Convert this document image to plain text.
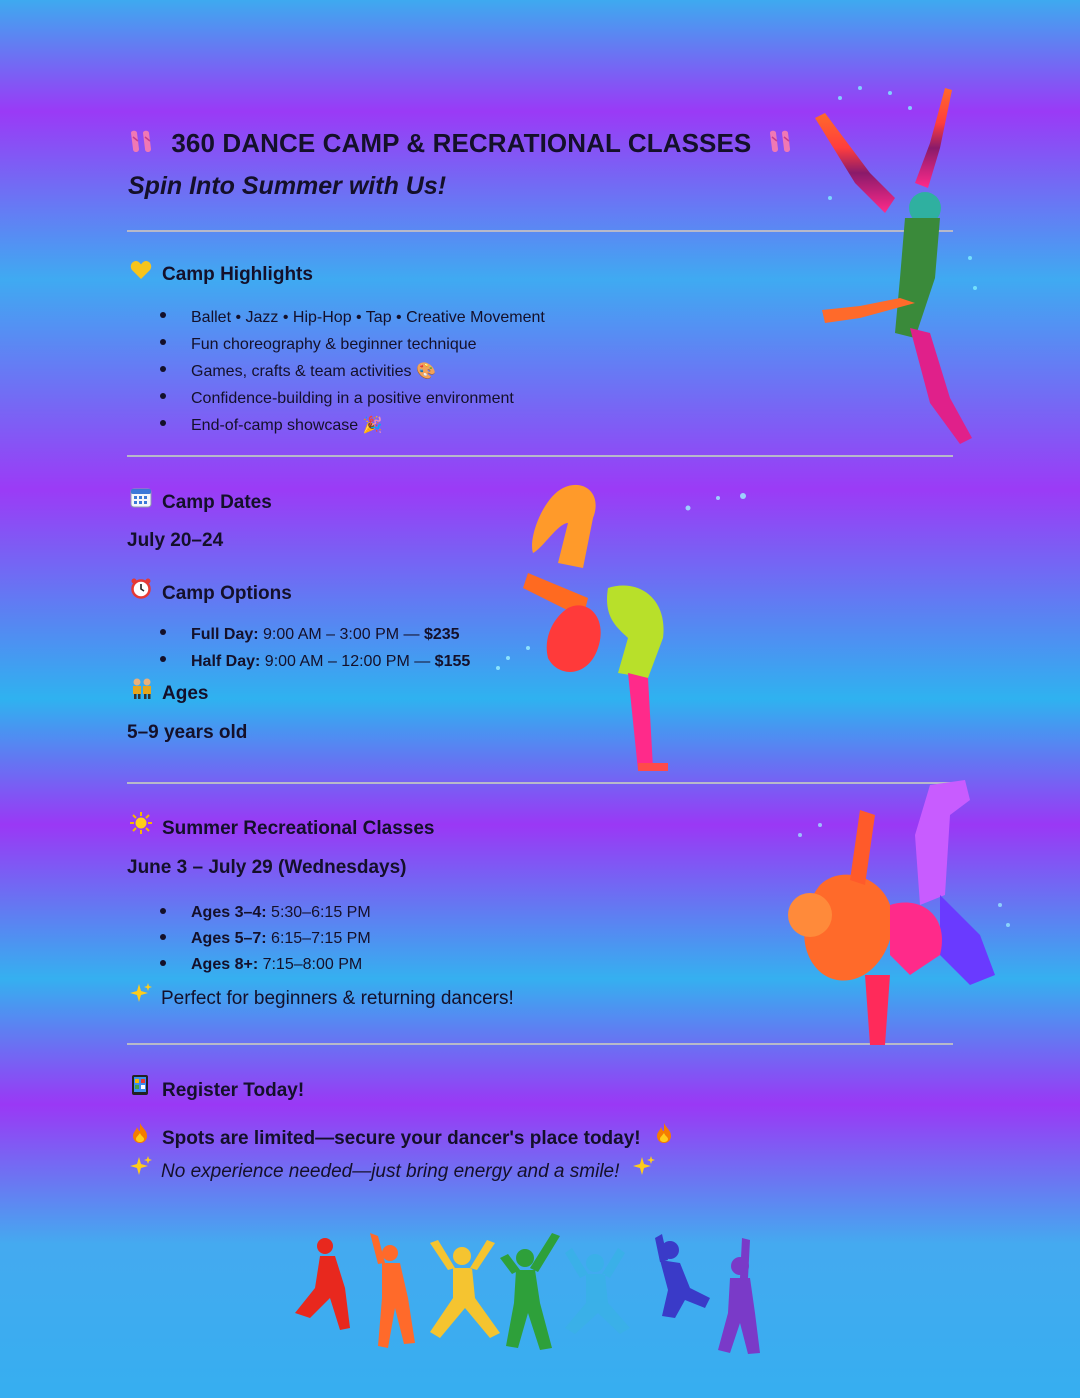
360 DANCE CAMP & RECRATIONAL CLASSES
Spin Into Summer with Us!
Camp Highlights
Ballet • Jazz • Hip-Hop • Tap • Creative Movement
Fun choreography & beginner technique
Games, crafts & team activities 🎨
Confidence-building in a positive environment
End-of-camp showcase 🎉
Camp Dates
July 20–24
Camp Options
Full Day: 9:00 AM – 3:00 PM — $235
Half Day: 9:00 AM – 12:00 PM — $155
Ages
5–9 years old
Summer Recreational Classes
June 3 – July 29 (Wednesdays)
Ages 3–4: 5:30–6:15 PM
Ages 5–7: 6:15–7:15 PM
Ages 8+: 7:15–8:00 PM
Perfect for beginners & returning dancers!
Register Today!
Spots are limited—secure your dancer's place today!
No experience needed—just bring energy and a smile!
